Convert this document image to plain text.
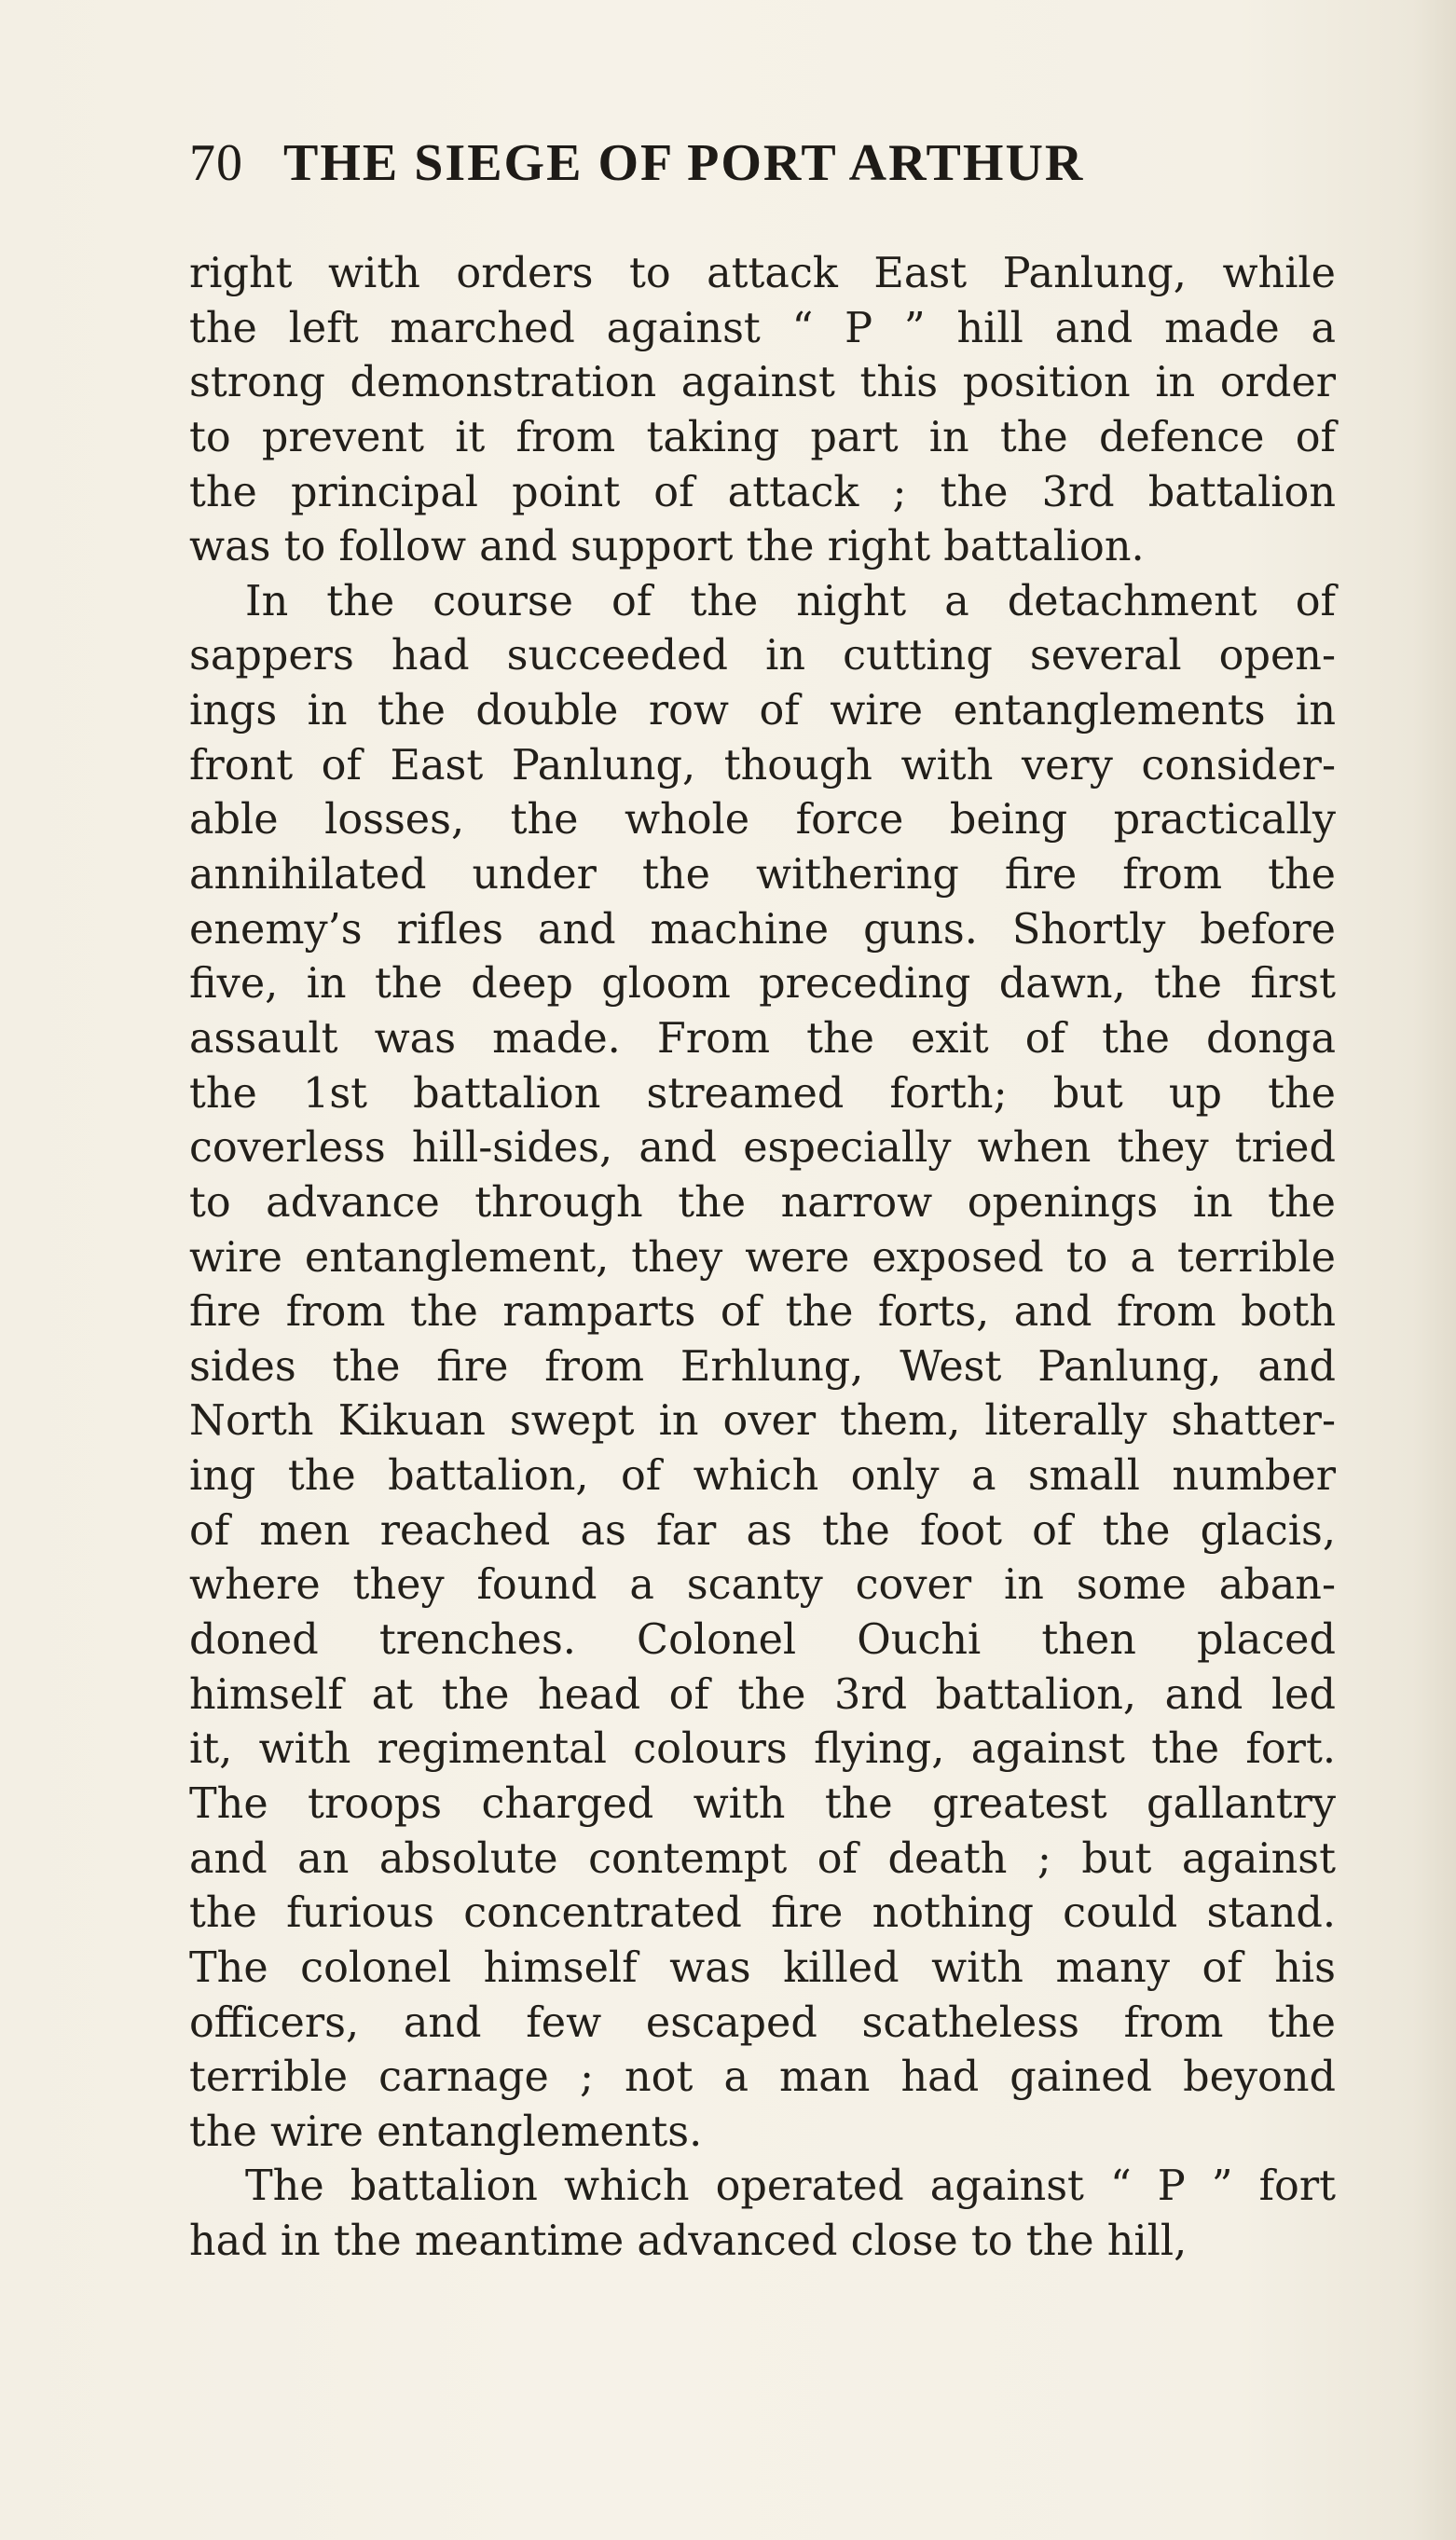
70 THE SIEGE OF PORT ARTHUR
right with orders to attack East Panlung, while
the left marched against “ P ” hill and made a
strong demonstration against this position in order
to prevent it from taking part in the defence of
the principal point of attack ; the 3rd battalion
was to follow and support the right battalion.
In the course of the night a detachment of
sappers had succeeded in cutting several open-
ings in the double row of wire entanglements in
front of East Panlung, though with very consider-
able losses, the whole force being practically
annihilated under the withering fire from the
enemy’s rifles and machine guns. Shortly before
five, in the deep gloom preceding dawn, the first
assault was made. From the exit of the donga
the 1st battalion streamed forth; but up the
coverless hill-sides, and especially when they tried
to advance through the narrow openings in the
wire entanglement, they were exposed to a terrible
fire from the ramparts of the forts, and from both
sides the fire from Erhlung, West Panlung, and
North Kikuan swept in over them, literally shatter-
ing the battalion, of which only a small number
of men reached as far as the foot of the glacis,
where they found a scanty cover in some aban-
doned trenches. Colonel Ouchi then placed
himself at the head of the 3rd battalion, and led
it, with regimental colours flying, against the fort.
The troops charged with the greatest gallantry
and an absolute contempt of death ; but against
the furious concentrated fire nothing could stand.
The colonel himself was killed with many of his
officers, and few escaped scatheless from the
terrible carnage ; not a man had gained beyond
the wire entanglements.
The battalion which operated against “ P ” fort
had in the meantime advanced close to the hill,
